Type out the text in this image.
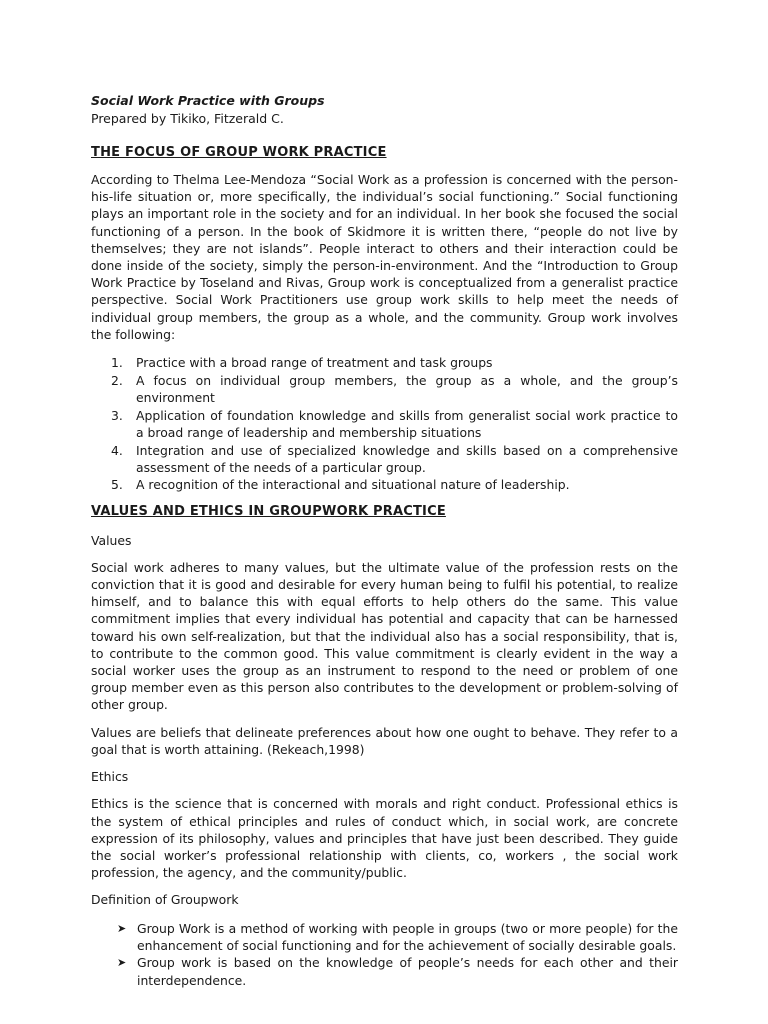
Social Work Practice with Groups
Prepared by Tikiko, Fitzerald C.
THE FOCUS OF GROUP WORK PRACTICE

According to Thelma Lee-Mendoza “Social Work as a profession is concerned with the person-his-life situation or, more specifically, the individual’s social functioning.” Social functioning plays an important role in the society and for an individual. In her book she focused the social functioning of a person. In the book of Skidmore it is written there, “people do not live by themselves; they are not islands”. People interact to others and their interaction could be done inside of the society, simply the person-in-environment. And the “Introduction to Group Work Practice by Toseland and Rivas, Group work is conceptualized from a generalist practice perspective. Social Work Practitioners use group work skills to help meet the needs of individual group members, the group as a whole, and the community. Group work involves the following:

1. Practice with a broad range of treatment and task groups
2. A focus on individual group members, the group as a whole, and the group’s environment
3. Application of foundation knowledge and skills from generalist social work practice to a broad range of leadership and membership situations
4. Integration and use of specialized knowledge and skills based on a comprehensive assessment of the needs of a particular group.
5. A recognition of the interactional and situational nature of leadership.
VALUES AND ETHICS IN GROUPWORK PRACTICE

Values

Social work adheres to many values, but the ultimate value of the profession rests on the conviction that it is good and desirable for every human being to fulfil his potential, to realize himself, and to balance this with equal efforts to help others do the same. This value commitment implies that every individual has potential and capacity that can be harnessed toward his own self-realization, but that the individual also has a social responsibility, that is, to contribute to the common good. This value commitment is clearly evident in the way a social worker uses the group as an instrument to respond to the need or problem of one group member even as this person also contributes to the development or problem-solving of other group.

Values are beliefs that delineate preferences about how one ought to behave. They refer to a goal that is worth attaining. (Rekeach,1998)

Ethics

Ethics is the science that is concerned with morals and right conduct. Professional ethics is the system of ethical principles and rules of conduct which, in social work, are concrete expression of its philosophy, values and principles that have just been described. They guide the social worker’s professional relationship with clients, co, workers , the social work profession, the agency, and the community/public.

Definition of Groupwork

➤ Group Work is a method of working with people in groups (two or more people) for the enhancement of social functioning and for the achievement of socially desirable goals.
➤ Group work is based on the knowledge of people’s needs for each other and their interdependence.
